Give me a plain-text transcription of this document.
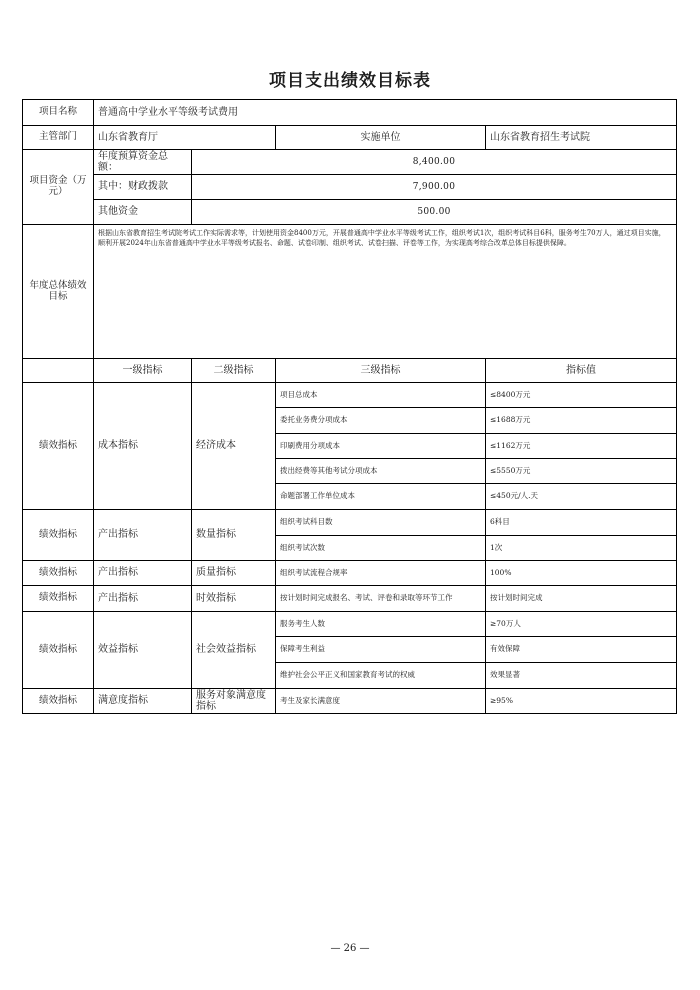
项目支出绩效目标表
项目名称	普通高中学业水平等级考试费用			
主管部门	山东省教育厅		实施单位	山东省教育招生考试院
项目资金（万元）	年度预算资金总额：	8,400.00		
	其中：财政拨款	7,900.00		
	其他资金	500.00		
年度总体绩效目标	根据山东省教育招生考试院考试工作实际需求等，计划使用资金8400万元，开展普通高中学业水平等级考试工作，组织考试1次，组织考试科目6科，服务考生70万人，通过项目实施，顺利开展2024年山东省普通高中学业水平等级考试报名、命题、试卷印制、组织考试、试卷扫描、评卷等工作，为实现高考综合改革总体目标提供保障。			
	一级指标	二级指标	三级指标	指标值
绩效指标	成本指标	经济成本	项目总成本	≤8400万元
			委托业务费分项成本	≤1688万元
			印刷费用分项成本	≤1162万元
			拨出经费等其他考试分项成本	≤5550万元
			命题部署工作单位成本	≤450元/人.天
绩效指标	产出指标	数量指标	组织考试科目数	6科目
			组织考试次数	1次
绩效指标	产出指标	质量指标	组织考试流程合规率	100%
绩效指标	产出指标	时效指标	按计划时间完成报名、考试、评卷和录取等环节工作	按计划时间完成
绩效指标	效益指标	社会效益指标	服务考生人数	≥70万人
			保障考生利益	有效保障
			维护社会公平正义和国家教育考试的权威	效果显著
绩效指标	满意度指标	服务对象满意度指标	考生及家长满意度	≥95%
— 26 —
